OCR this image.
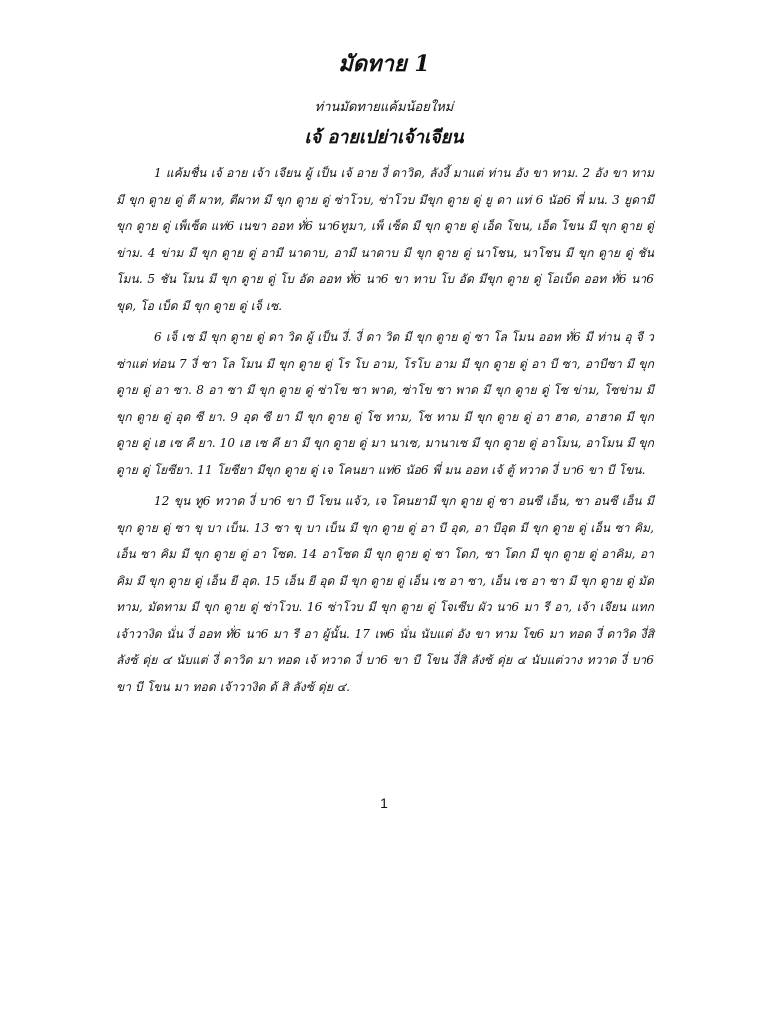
มัดทาย 1
ท่านมัดทายแค้มน้อยใหม่
เจ้ อายเปย่าเจ้าเจียน

1 แค้มชื่น เจ้ อาย เจ้า เจียน ผู้ เป็น เจ้ อาย งี่ ดาวิด, ลังงี้ มาแต่ ท่าน อัง ขา ทาม. 2 อัง ขา ทาม มี ขุก ดูาย ดู่ ตี ผาท, ตีผาท มี ขุก ดูาย ดู่ ซ่าโวบ, ซ่าโวบ มีขุก ดูาย ดู่ ยู ดา แท่ 6 นัอ6 พี่ มน. 3 ยูดามี ขุก ดูาย ดู่ เพ็เซ็ด แท่6 เนขา ออท ทั่6 นา6ทูมา, เพ็ เซ็ด มี ขุก ดูาย ดู่ เอ็ด โขน, เอ็ด โขน มี ขุก ดูาย ดู่ ข่าม. 4 ข่าม มี ขุก ดูาย ดู่ อามี นาดาบ, อามี นาดาบ มี ขุก ดูาย ดู่ นาโชน, นาโชน มี ขุก ดูาย ดู่ ชัน โมน. 5 ชัน โมน มี ขุก ดูาย ดู่ โบ อัด ออท ทั่6 นา6 ขา ทาบ โบ อัด มีขุก ดูาย ดู่ โอเบ็ด ออท ทั่6 นา6 ขุด, โอ เบ็ด มี ขุก ดูาย ดู่ เจ็ เซ.

6 เจ็ เซ มี ขุก ดูาย ดู่ ดา วิด ผู้ เป็น งี่. งี่ ดา วิด มี ขุก ดูาย ดู่ ซา โล โมน ออท ทั่6 มี ท่าน อุ จี ว ซ่าแต่ ท่อน 7 งี่ ซา โล โมน มี ขุก ดูาย ดู่ โร โบ อาม, โรโบ อาม มี ขุก ดูาย ดู่ อา บี ซา, อาบีซา มี ขุก ดูาย ดู่ อา ซา. 8 อา ซา มี ขุก ดูาย ดู่ ซ่าโข ซา พาด, ซ่าโข ซา พาด มี ขุก ดูาย ดู่ โซ ข่าม, โซข่าม มี ขุก ดูาย ดู่ อุด ซี ยา. 9 อุด ซี ยา มี ขุก ดูาย ดู่ โซ ทาม, โซ ทาม มี ขุก ดูาย ดู่ อา ฮาด, อาฮาด มี ขุก ดูาย ดู่ เฮ เซ คี ยา. 10 เฮ เซ คี ยา มี ขุก ดูาย ดู่ มา นาเซ, มานาเซ มี ขุก ดูาย ดู่ อาโมน, อาโมน มี ขุก ดูาย ดู่ โยซียา. 11 โยซียา มีขุก ดูาย ดู่ เจ โคนยา แท่6 นัอ6 พี่ มน ออท เจ้ ตู้ ทวาด งี่ บา6 ขา บี โขน.

12 ขุน ทู6 ทวาด งี่ บา6 ขา บี โขน แจ้ว, เจ โคนยามี ขุก ดูาย ดู่ ซา อนซี เอ็น, ซา อนซี เอ็น มี ขุก ดูาย ดู่ ซา ขุ บา เบ็น. 13 ซา ขุ บา เบ็น มี ขุก ดูาย ดู่ อา บี อุด, อา บีอุด มี ขุก ดูาย ดู่ เอ็น ซา คิม, เอ็น ซา คิม มี ขุก ดูาย ดู่ อา โซด. 14 อาโซด มี ขุก ดูาย ดู่ ซา โดก, ซา โดก มี ขุก ดูาย ดู่ อาคิม, อาคิม มี ขุก ดูาย ดู่ เอ็น ยี อุด. 15 เอ็น ยี อุด มี ขุก ดูาย ดู่ เอ็น เซ อา ซา, เอ็น เซ อา ซา มี ขุก ดูาย ดู่ มัดทาม, มัดทาม มี ขุก ดูาย ดู่ ซ่าโวบ. 16 ซ่าโวบ มี ขุก ดูาย ดู่ โจเซีบ ผัว นา6 มา รี อา, เจ้า เจียน แทก เจ้าวางิด นั่น งี่ ออท ทั่6 นา6 มา รี อา ผู้นั้น. 17 เพ6 นั่น นับแต่ อัง ขา ทาม โข6 มา ทอด งี่ ดาวิด งี่สิ ลังซ้ ดุ่ย ๔ นับแต่ งี่ ดาวิด มา ทอด เจ้ ทวาด งี่ บา6 ขา บี โขน งี่สิ ลังซ้ ดุ่ย ๔ นับแต่วาง ทวาด งี่ บา6 ขา บี โขน มา ทอด เจ้าวางิด ด้ สิ ลังซ้ ดุ่ย ๔.

1
